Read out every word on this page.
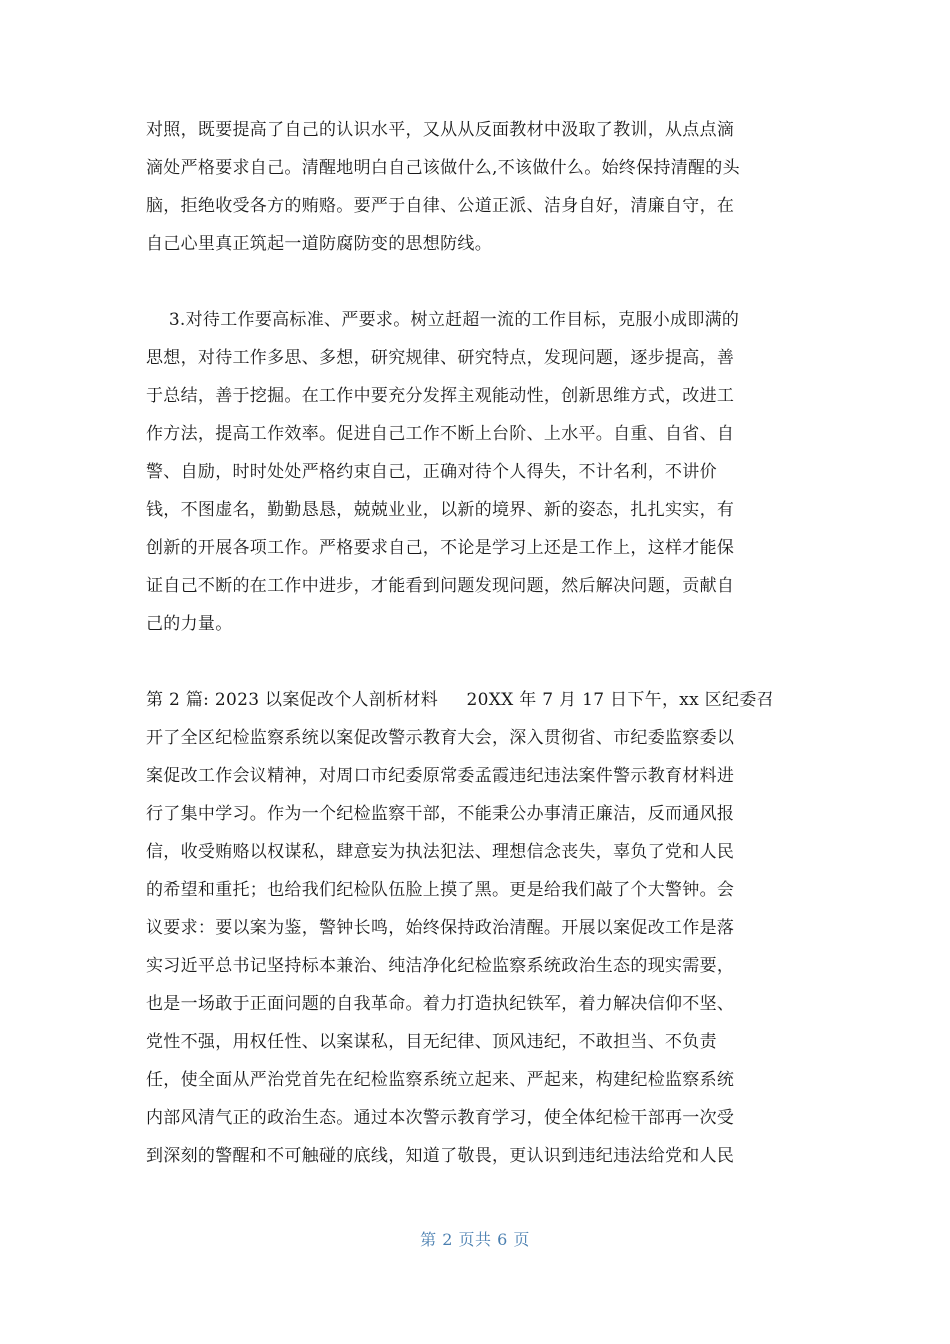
对照，既要提高了自己的认识水平，又从从反面教材中汲取了教训，从点点滴
滴处严格要求自己。清醒地明白自己该做什么,不该做什么。始终保持清醒的头
脑，拒绝收受各方的贿赂。要严于自律、公道正派、洁身自好，清廉自守，在
自己心里真正筑起一道防腐防变的思想防线。
3.对待工作要高标准、严要求。树立赶超一流的工作目标，克服小成即满的
思想，对待工作多思、多想，研究规律、研究特点，发现问题，逐步提高，善
于总结，善于挖掘。在工作中要充分发挥主观能动性，创新思维方式，改进工
作方法，提高工作效率。促进自己工作不断上台阶、上水平。自重、自省、自
警、自励，时时处处严格约束自己，正确对待个人得失，不计名利，不讲价
钱，不图虚名，勤勤恳恳，兢兢业业，以新的境界、新的姿态，扎扎实实，有
创新的开展各项工作。严格要求自己，不论是学习上还是工作上，这样才能保
证自己不断的在工作中进步，才能看到问题发现问题，然后解决问题，贡献自
己的力量。
第 2 篇: 2023 以案促改个人剖析材料     20XX 年 7 月 17 日下午，xx 区纪委召
开了全区纪检监察系统以案促改警示教育大会，深入贯彻省、市纪委监察委以
案促改工作会议精神，对周口市纪委原常委孟霞违纪违法案件警示教育材料进
行了集中学习。作为一个纪检监察干部，不能秉公办事清正廉洁，反而通风报
信，收受贿赂以权谋私，肆意妄为执法犯法、理想信念丧失，辜负了党和人民
的希望和重托；也给我们纪检队伍脸上摸了黑。更是给我们敲了个大警钟。会
议要求：要以案为鉴，警钟长鸣，始终保持政治清醒。开展以案促改工作是落
实习近平总书记坚持标本兼治、纯洁净化纪检监察系统政治生态的现实需要，
也是一场敢于正面问题的自我革命。着力打造执纪铁军，着力解决信仰不坚、
党性不强，用权任性、以案谋私，目无纪律、顶风违纪，不敢担当、不负责
任，使全面从严治党首先在纪检监察系统立起来、严起来，构建纪检监察系统
内部风清气正的政治生态。通过本次警示教育学习，使全体纪检干部再一次受
到深刻的警醒和不可触碰的底线，知道了敬畏，更认识到违纪违法给党和人民
第 2 页共 6 页
